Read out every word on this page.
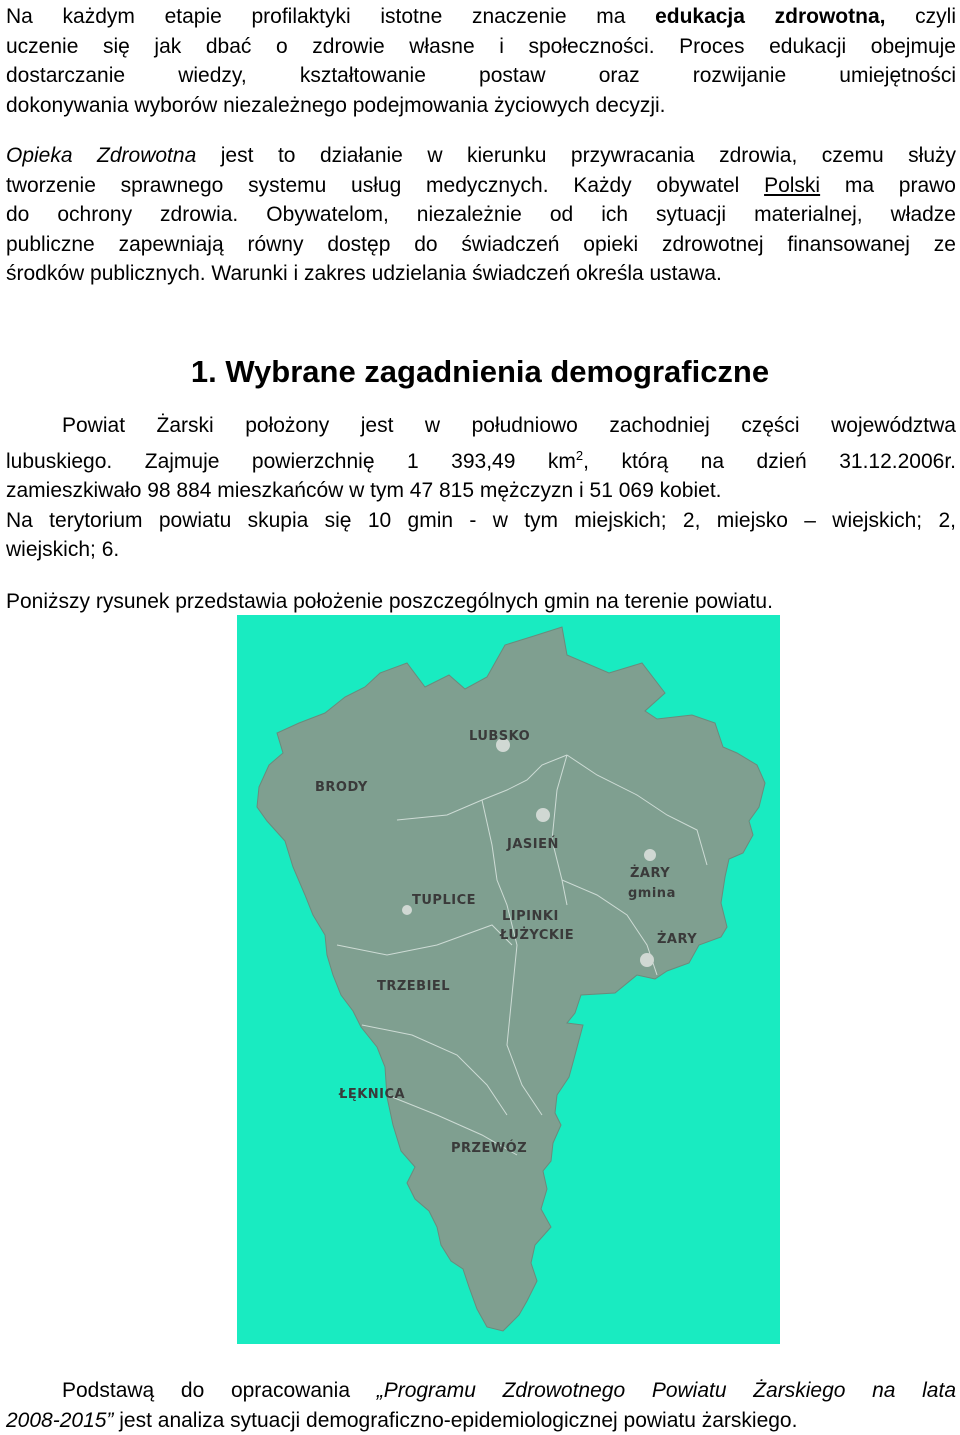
Na każdym etapie profilaktyki istotne znaczenie ma edukacja zdrowotna, czyli
uczenie się jak dbać o zdrowie własne i społeczności. Proces edukacji obejmuje
dostarczanie wiedzy, kształtowanie postaw oraz rozwijanie umiejętności
dokonywania wyborów niezależnego podejmowania życiowych decyzji.
Opieka Zdrowotna jest to działanie w kierunku przywracania zdrowia, czemu służy
tworzenie sprawnego systemu usług medycznych. Każdy obywatel Polski ma prawo
do ochrony zdrowia. Obywatelom, niezależnie od ich sytuacji materialnej, władze
publiczne zapewniają równy dostęp do świadczeń opieki zdrowotnej finansowanej ze
środków publicznych. Warunki i zakres udzielania świadczeń określa ustawa.
1. Wybrane zagadnienia demograficzne
Powiat Żarski położony jest w południowo zachodniej części województwa
lubuskiego. Zajmuje powierzchnię 1 393,49 $km^2$, którą na dzień 31.12.2006r.
zamieszkiwało 98 884 mieszkańców w tym 47 815 mężczyzn i 51 069 kobiet.
Na terytorium powiatu skupia się 10 gmin - w tym miejskich; 2, miejsko – wiejskich; 2,
wiejskich; 6.
Poniższy rysunek przedstawia położenie poszczególnych gmin na terenie powiatu.
LUBSKO
BRODY
JASIEŃ
ŻARY
gmina
TUPLICE
LIPINKI
ŁUŻYCKIE	ŻARY
TRZEBIEL
ŁĘKNICA
PRZEWÓZ
Podstawą do opracowania „Programu Zdrowotnego Powiatu Żarskiego na lata
2008-2015” jest analiza sytuacji demograficzno-epidemiologicznej powiatu żarskiego.
